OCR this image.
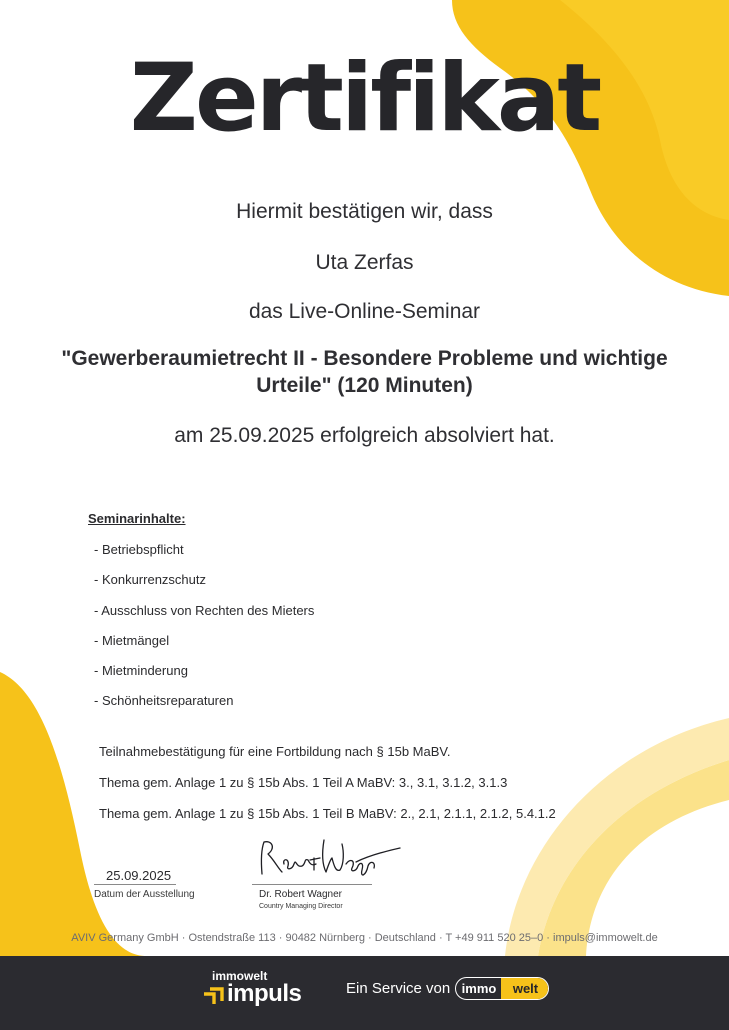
Zertifikat
Hiermit bestätigen wir, dass
Uta Zerfas
das Live-Online-Seminar
"Gewerberaumietrecht II - Besondere Probleme und wichtige Urteile" (120 Minuten)
am 25.09.2025 erfolgreich absolviert hat.
Seminarinhalte:
- Betriebspflicht
- Konkurrenzschutz
- Ausschluss von Rechten des Mieters
- Mietmängel
- Mietminderung
- Schönheitsreparaturen
Teilnahmebestätigung für eine Fortbildung nach § 15b MaBV.
Thema gem. Anlage 1 zu § 15b Abs. 1 Teil A MaBV: 3., 3.1, 3.1.2, 3.1.3
Thema gem. Anlage 1 zu § 15b Abs. 1 Teil B MaBV: 2., 2.1, 2.1.1, 2.1.2, 5.4.1.2
25.09.2025
Datum der Ausstellung	Dr. Robert Wagner
Country Managing Director
AVIV Germany GmbH · Ostendstraße 113 · 90482 Nürnberg · Deutschland · T +49 911 520 25–0 · impuls@immowelt.de
immowelt
impuls	Ein Service von immo	welt
